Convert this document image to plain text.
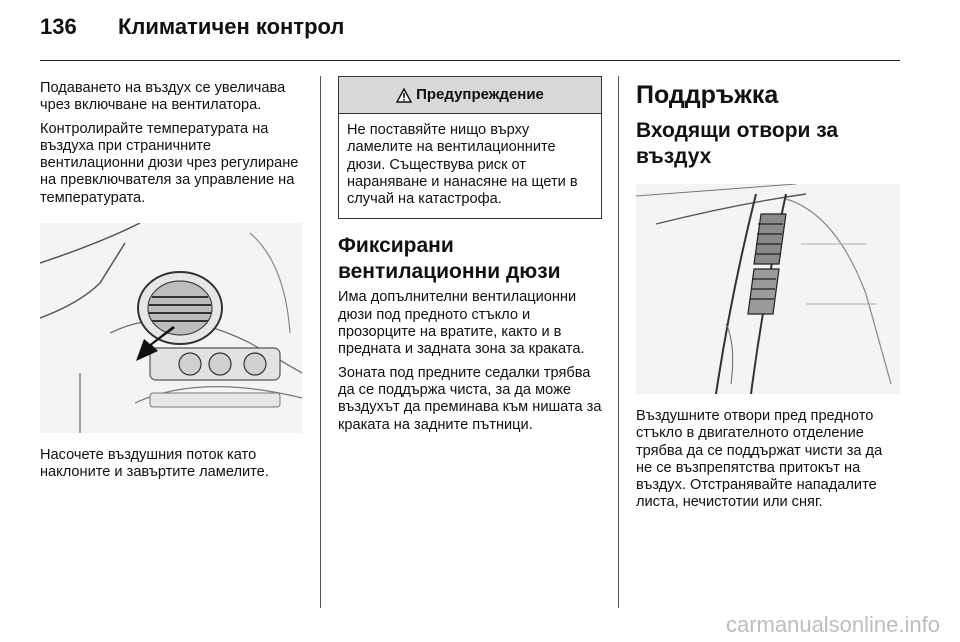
136 Климатичен контрол

Подаването на въздух се увеличава чрез включване на вентилатора.

Контролирайте температурата на въздуха при страничните вентилационни дюзи чрез регулиране на превключвателя за управление на температурата.

Насочете въздушния поток като наклоните и завъртите ламелите.

Предупреждение
Не поставяйте нищо върху ламелите на вентилационните дюзи. Съществува риск от нараняване и нанасяне на щети в случай на катастрофа.
Фиксирани вентилационни дюзи

Има допълнителни вентилационни дюзи под предното стъкло и прозорците на вратите, както и в предната и задната зона за краката.

Зоната под предните седалки трябва да се поддържа чиста, за да може въздухът да преминава към нишата за краката на задните пътници.

Поддръжка
Входящи отвори за въздух

Въздушните отвори пред предното стъкло в двигателното отделение трябва да се поддържат чисти за да не се възпрепятства притокът на въздух. Отстранявайте нападалите листа, нечистотии или сняг.

carmanualsonline.info
